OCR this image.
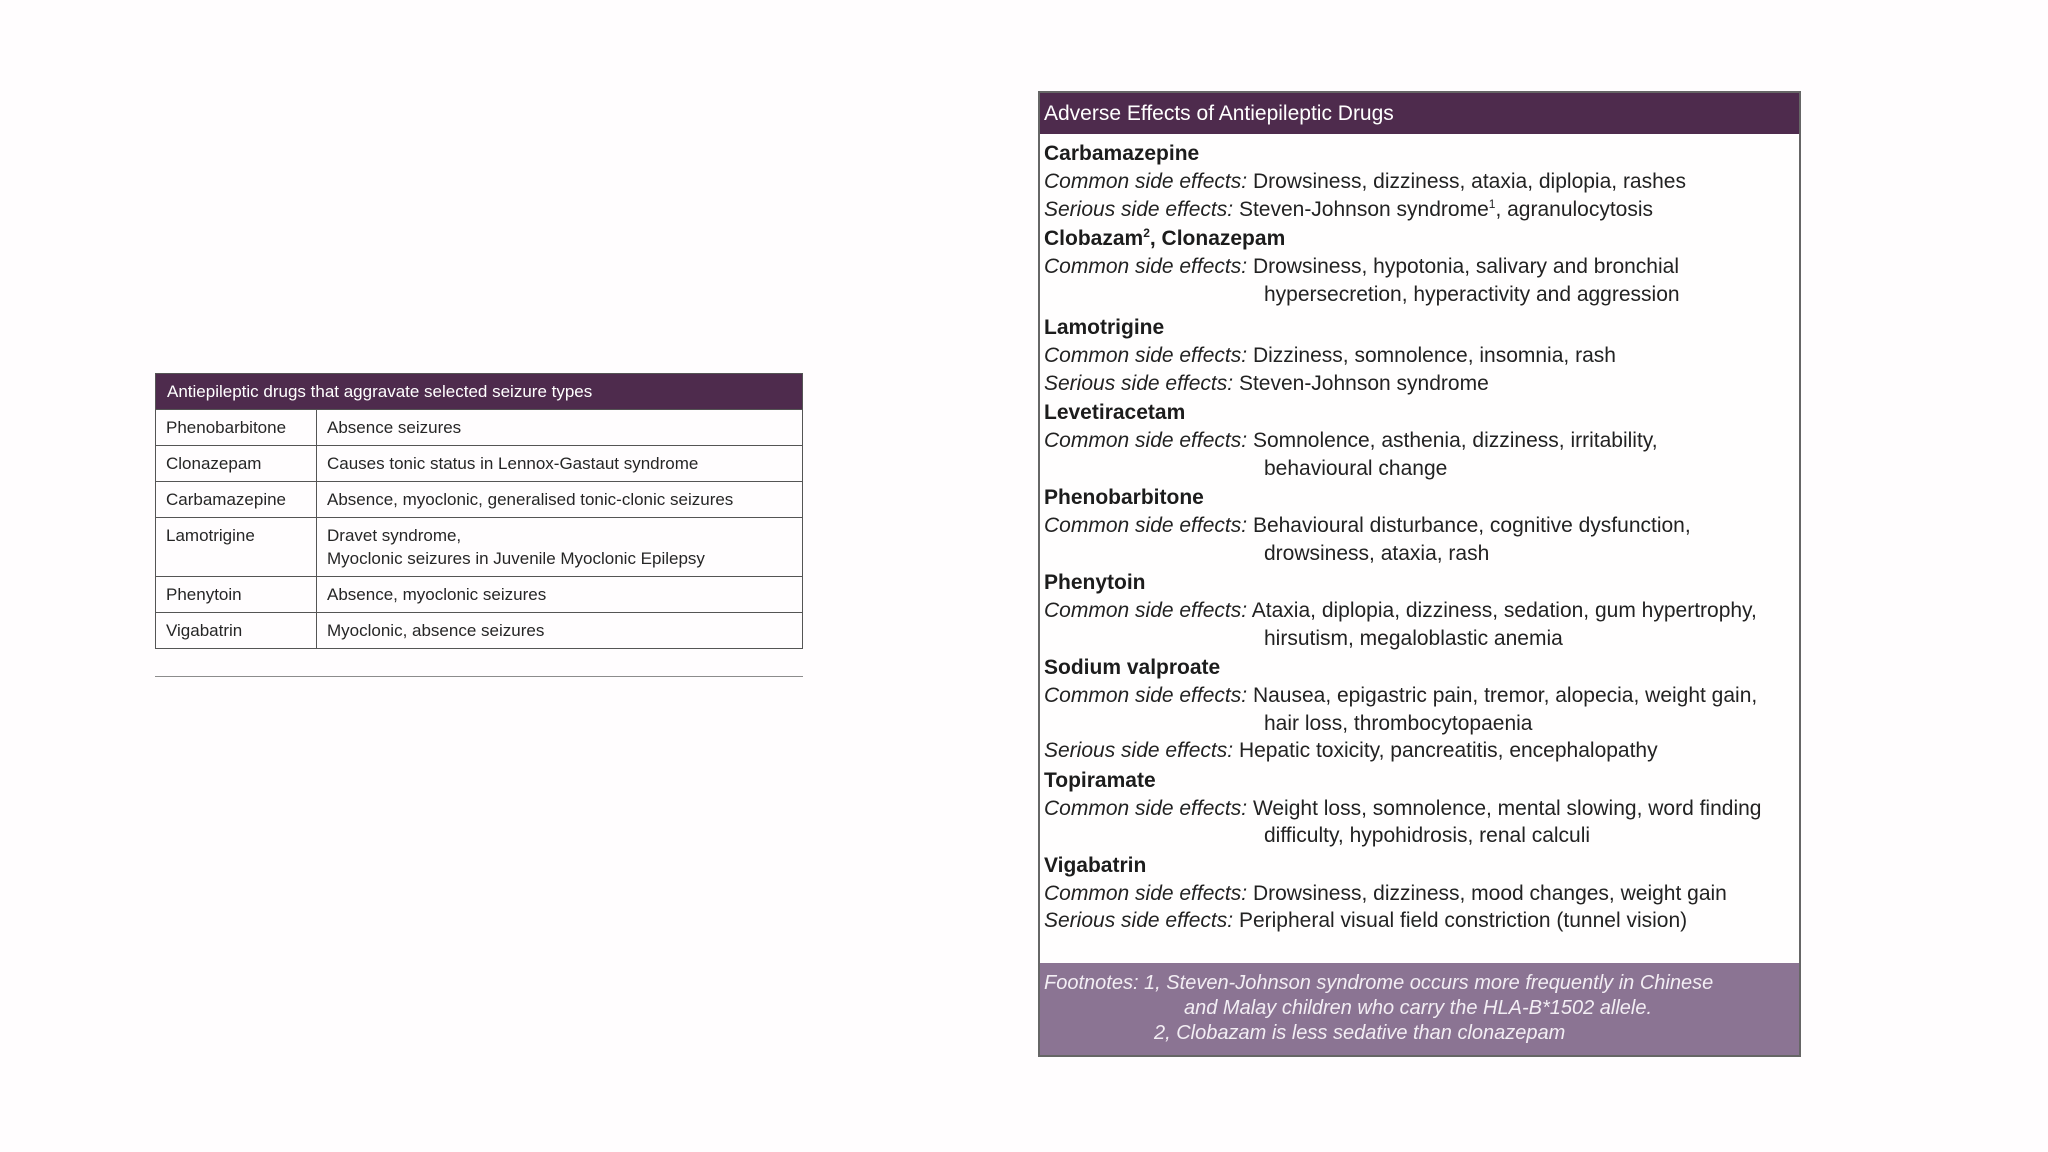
Antiepileptic drugs that aggravate selected seizure types	
Phenobarbitone	Absence seizures
Clonazepam	Causes tonic status in Lennox-Gastaut syndrome
Carbamazepine	Absence, myoclonic, generalised tonic-clonic seizures
Lamotrigine	Dravet syndrome,
Myoclonic seizures in Juvenile Myoclonic Epilepsy

Phenytoin	Absence, myoclonic seizures
Vigabatrin	Myoclonic, absence seizures
Adverse Effects of Antiepileptic Drugs
Carbamazepine
Common side effects: Drowsiness, dizziness, ataxia, diplopia, rashes
Serious side effects: Steven-Johnson syndrome$^1$, agranulocytosis
Clobazam$^2$, Clonazepam
Common side effects: Drowsiness, hypotonia, salivary and bronchial
hypersecretion, hyperactivity and aggression
Lamotrigine
Common side effects: Dizziness, somnolence, insomnia, rash
Serious side effects: Steven-Johnson syndrome
Levetiracetam
Common side effects: Somnolence, asthenia, dizziness, irritability,
behavioural change
Phenobarbitone
Common side effects: Behavioural disturbance, cognitive dysfunction,
drowsiness, ataxia, rash
Phenytoin
Common side effects: Ataxia, diplopia, dizziness, sedation, gum hypertrophy,
hirsutism, megaloblastic anemia
Sodium valproate
Common side effects: Nausea, epigastric pain, tremor, alopecia, weight gain,
hair loss, thrombocytopaenia
Serious side effects: Hepatic toxicity, pancreatitis, encephalopathy
Topiramate
Common side effects: Weight loss, somnolence, mental slowing, word finding
difficulty, hypohidrosis, renal calculi
Vigabatrin
Common side effects: Drowsiness, dizziness, mood changes, weight gain
Serious side effects: Peripheral visual field constriction (tunnel vision)
Footnotes: 1, Steven-Johnson syndrome occurs more frequently in Chinese
and Malay children who carry the HLA-B*1502 allele.
2, Clobazam is less sedative than clonazepam
